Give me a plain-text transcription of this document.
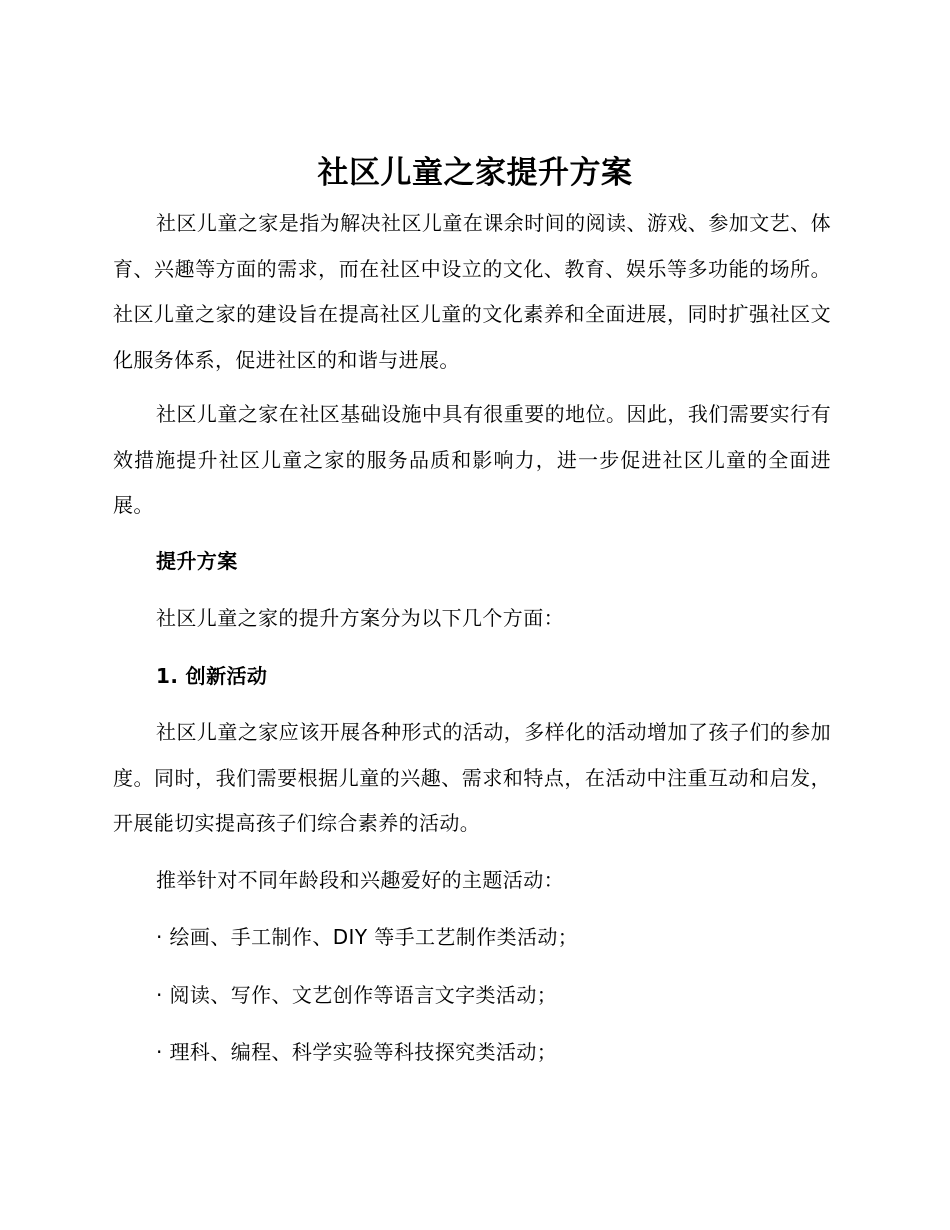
社区儿童之家提升方案

社区儿童之家是指为解决社区儿童在课余时间的阅读、游戏、参加文艺、体育、兴趣等方面的需求，而在社区中设立的文化、教育、娱乐等多功能的场所。社区儿童之家的建设旨在提高社区儿童的文化素养和全面进展，同时扩强社区文化服务体系，促进社区的和谐与进展。

社区儿童之家在社区基础设施中具有很重要的地位。因此，我们需要实行有效措施提升社区儿童之家的服务品质和影响力，进一步促进社区儿童的全面进展。

提升方案

社区儿童之家的提升方案分为以下几个方面：

1. 创新活动

社区儿童之家应该开展各种形式的活动，多样化的活动增加了孩子们的参加度。同时，我们需要根据儿童的兴趣、需求和特点，在活动中注重互动和启发，开展能切实提高孩子们综合素养的活动。

推举针对不同年龄段和兴趣爱好的主题活动：

· 绘画、手工制作、DIY 等手工艺制作类活动；

· 阅读、写作、文艺创作等语言文字类活动；

· 理科、编程、科学实验等科技探究类活动；
